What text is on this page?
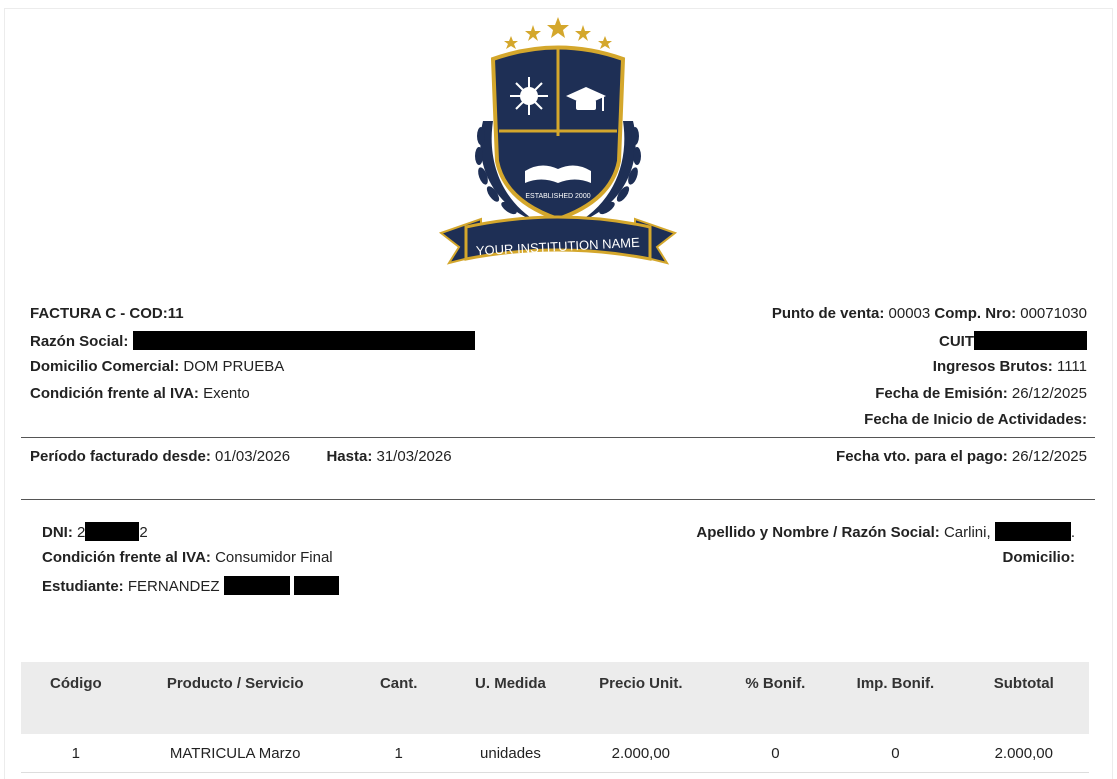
ESTABLISHED 2000
YOUR INSTITUTION NAME
FACTURA C - COD:11
Razón Social:
Domicilio Comercial: DOM PRUEBA
Condición frente al IVA: Exento
Punto de venta: 00003 Comp. Nro: 00071030
CUIT
Ingresos Brutos: 1111
Fecha de Emisión: 26/12/2025
Fecha de Inicio de Actividades:
Período facturado desde: 01/03/2026 Hasta: 31/03/2026	Fecha vto. para el pago: 26/12/2025
DNI: 2	2
Condición frente al IVA: Consumidor Final
Estudiante: FERNANDEZ
Apellido y Nombre / Razón Social: Carlini,	.
Domicilio:
Código	Producto / Servicio	Cant.	U. Medida	Precio Unit.	% Bonif.	Imp. Bonif.	Subtotal
1	MATRICULA Marzo	1	unidades	2.000,00	0	0	2.000,00
